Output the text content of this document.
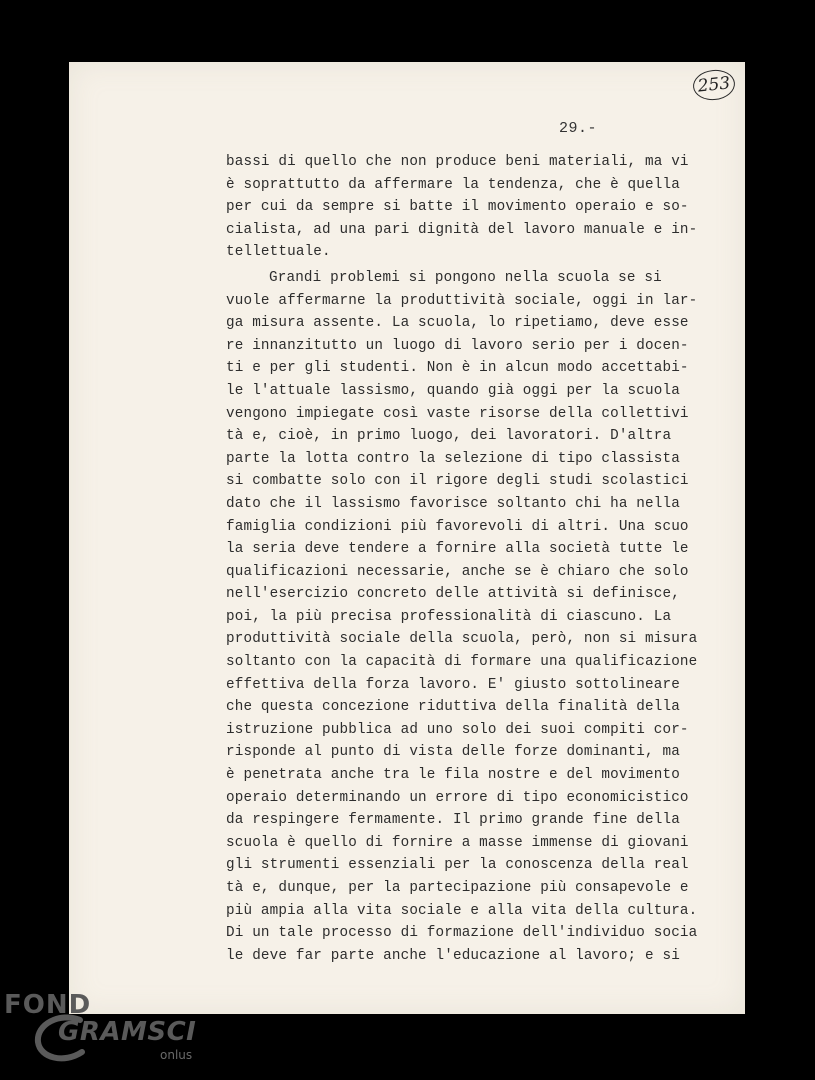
253
29.-
bassi di quello che non produce beni materiali, ma vi
è soprattutto da affermare la tendenza, che è quella
per cui da sempre si batte il movimento operaio e so-
cialista, ad una pari dignità del lavoro manuale e in-
tellettuale.
Grandi problemi si pongono nella scuola se si
vuole affermarne la produttività sociale, oggi in lar-
ga misura assente. La scuola, lo ripetiamo, deve esse
re innanzitutto un luogo di lavoro serio per i docen-
ti e per gli studenti. Non è in alcun modo accettabi-
le l'attuale lassismo, quando già oggi per la scuola
vengono impiegate così vaste risorse della collettivi
tà e, cioè, in primo luogo, dei lavoratori. D'altra
parte la lotta contro la selezione di tipo classista
si combatte solo con il rigore degli studi scolastici
dato che il lassismo favorisce soltanto chi ha nella
famiglia condizioni più favorevoli di altri. Una scuo
la seria deve tendere a fornire alla società tutte le
qualificazioni necessarie, anche se è chiaro che solo
nell'esercizio concreto delle attività si definisce,
poi, la più precisa professionalità di ciascuno. La
produttività sociale della scuola, però, non si misura
soltanto con la capacità di formare una qualificazione
effettiva della forza lavoro. E' giusto sottolineare
che questa concezione riduttiva della finalità della
istruzione pubblica ad uno solo dei suoi compiti cor-
risponde al punto di vista delle forze dominanti, ma
è penetrata anche tra le fila nostre e del movimento
operaio determinando un errore di tipo economicistico
da respingere fermamente. Il primo grande fine della
scuola è quello di fornire a masse immense di giovani
gli strumenti essenziali per la conoscenza della real
tà e, dunque, per la partecipazione più consapevole e
più ampia alla vita sociale e alla vita della cultura.
Di un tale processo di formazione dell'individuo socia
le deve far parte anche l'educazione al lavoro; e si
FOND
GRAMSCI
onlus
